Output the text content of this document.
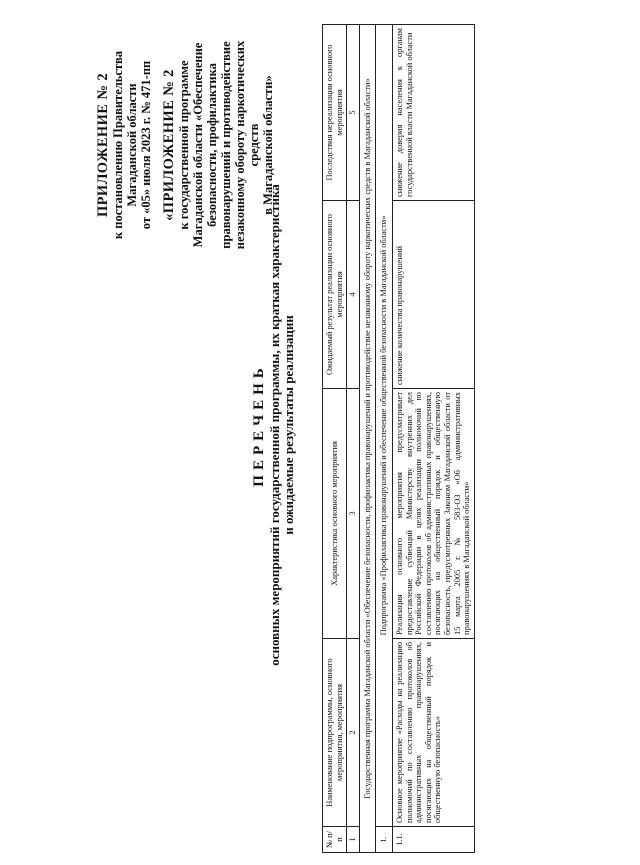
ПРИЛОЖЕНИЕ № 2 к постановлению Правительства Магаданской области от «05» июля 2023 г. № 471-пп «ПРИЛОЖЕНИЕ № 2 к государственной программе Магаданской области «Обеспечение безопасности, профилактика правонарушений и противодействие незаконному обороту наркотических средств в Магаданской области»
ПЕРЕЧЕНЬ основных мероприятий государственной программы, их краткая характеристика и ожидаемые результаты реализации
№ п/п	Наименование подпрограммы, основного мероприятия, мероприятия	Характеристика основного мероприятия	Ожидаемый результат реализации основного мероприятия	Последствия нереализации основного мероприятия
1	2	3	4	5
Государственная программа Магаданской области «Обеспечение безопасности, профилактика правонарушений и противодействие незаконному обороту наркотических средств в Магаданской области»				
1.	Подпрограмма «Профилактика правонарушений и обеспечение общественной безопасности в Магаданской области»			
1.1.	Основное мероприятие «Расходы на реализацию полномочий по составлению протоколов об административных правонарушениях, посягающих на общественный порядок и общественную безопасность»	Реализация основного мероприятия предусматривает предоставление субвенций Министерству внутренних дел Российской Федерации в целях реализации полномочий по составлению протоколов об административных правонарушениях, посягающих на общественный порядок и общественную безопасность, предусмотренных Законом Магаданской области от 15 марта 2005 г. № 583-ОЗ «Об административных правонарушениях в Магаданской области»	снижение количества правонарушений	снижение доверия населения к органам государственной власти Магаданской области
